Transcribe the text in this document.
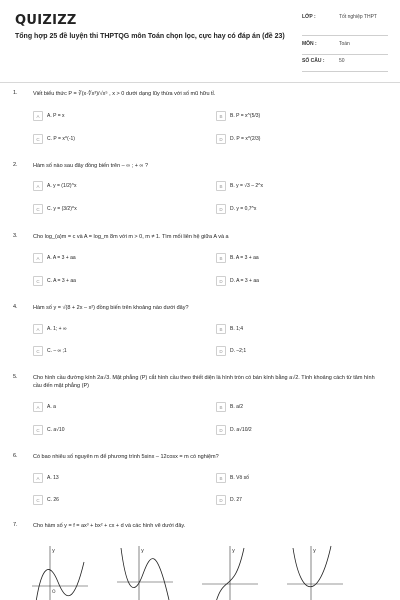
QUIZIZZ
Tổng hợp 25 đề luyện thi THPTQG môn Toán chọn lọc, cực hay có đáp án (đề 23)
LỚP :	Tốt nghiệp THPT
MÔN :	Toán
SỐ CÂU :	50
1.	Viết biểu thức P = ∛(x·∜x³)/√x⁵ , x > 0 dưới dạng lũy thừa với số mũ hữu tỉ.
A	A. P = x	B	B. P = x^(5/3)
C	C. P = x^(-1)	D	D. P = x^(2/3)
2.	Hàm số nào sau đây đồng biến trên – ∞ ; + ∞ ?
A	A. y = (1/2)^x	B	B. y = √3 – 2^x
C	C. y = (3/2)^x	D	D. y = 0,7^x
3.	Cho log_(a)m = c và A = log_m 8m với m > 0, m ≠ 1. Tìm mối liên hệ giữa A và a
A	A. A = 3 + aa	B	B. A = 3 + aa
C	C. A = 3 + aa	D	D. A = 3 + aa
4.	Hàm số y = √(8 + 2x – x²) đồng biến trên khoảng nào dưới đây?
A	A. 1; + ∞	B	B. 1;4
C	C. – ∞ ;1	D	D. –2;1
5.	Cho hình cầu đường kính 2a√3. Mặt phẳng (P) cắt hình cầu theo thiết diện là hình tròn có bán kính bằng a√2. Tính khoảng cách từ tâm hình cầu đến mặt phẳng (P)
A	A. a	B	B. a/2
C	C. a√10	D	D. a√10/2
6.	Có bao nhiêu số nguyên m để phương trình 5sinx – 12cosx = m có nghiệm?
A	A. 13	B	B. Vô số
C	C. 26	D	D. 27
7.	Cho hàm số y = f = ax³ + bx² + cx + d và các hình vẽ dưới đây.
y
O
y	y	y
